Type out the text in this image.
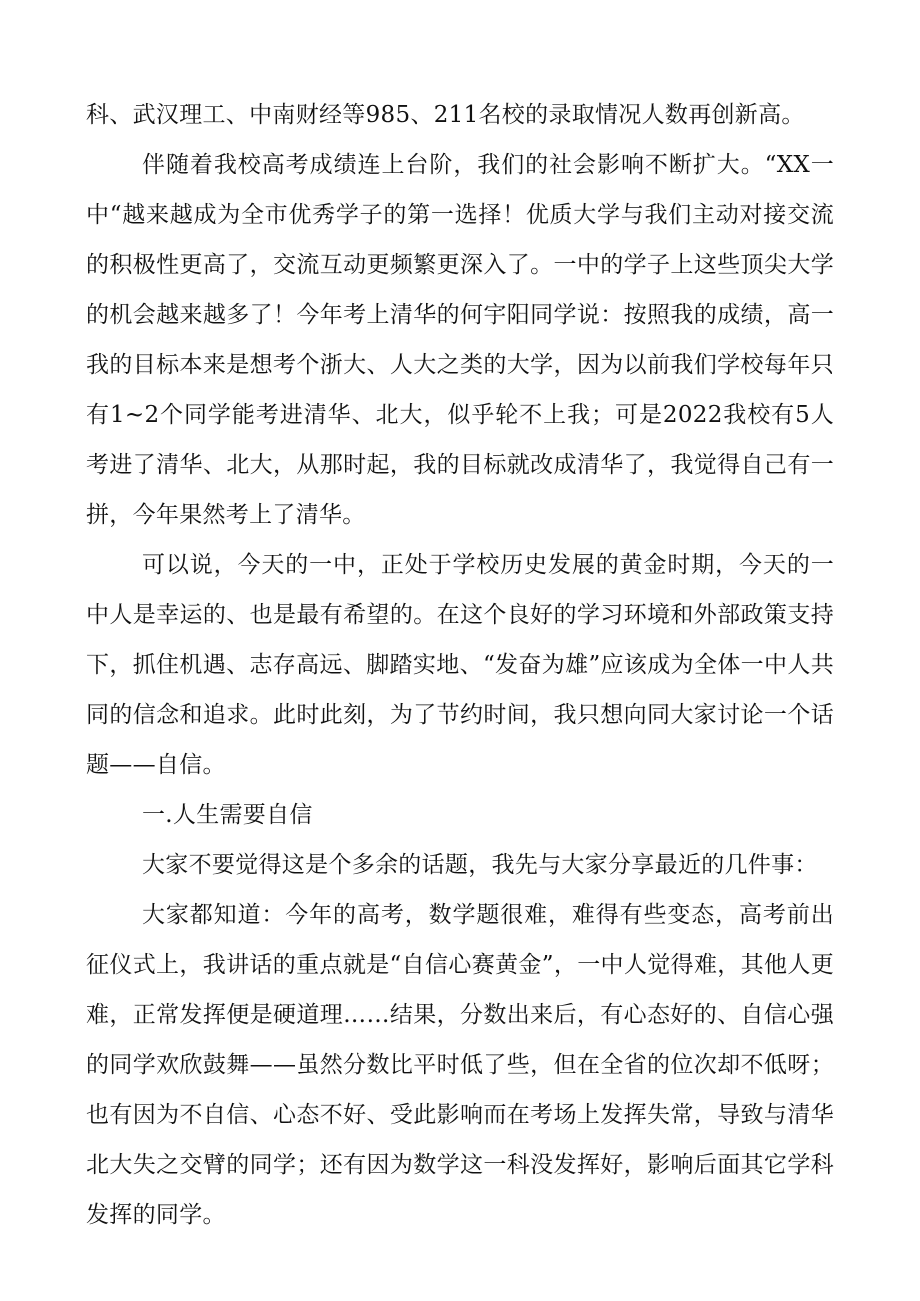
科、武汉理工、中南财经等985、211名校的录取情况人数再创新高。

伴随着我校高考成绩连上台阶，我们的社会影响不断扩大。“XX一中“越来越成为全市优秀学子的第一选择！优质大学与我们主动对接交流的积极性更高了，交流互动更频繁更深入了。一中的学子上这些顶尖大学的机会越来越多了！今年考上清华的何宇阳同学说：按照我的成绩，高一我的目标本来是想考个浙大、人大之类的大学，因为以前我们学校每年只有1~2个同学能考进清华、北大，似乎轮不上我；可是2022我校有5人考进了清华、北大，从那时起，我的目标就改成清华了，我觉得自己有一拼，今年果然考上了清华。

可以说，今天的一中，正处于学校历史发展的黄金时期，今天的一中人是幸运的、也是最有希望的。在这个良好的学习环境和外部政策支持下，抓住机遇、志存高远、脚踏实地、“发奋为雄”应该成为全体一中人共同的信念和追求。此时此刻，为了节约时间，我只想向同大家讨论一个话题——自信。

一.人生需要自信

大家不要觉得这是个多余的话题，我先与大家分享最近的几件事：

大家都知道：今年的高考，数学题很难，难得有些变态，高考前出征仪式上，我讲话的重点就是“自信心赛黄金”，一中人觉得难，其他人更难，正常发挥便是硬道理……结果，分数出来后，有心态好的、自信心强的同学欢欣鼓舞——虽然分数比平时低了些，但在全省的位次却不低呀；也有因为不自信、心态不好、受此影响而在考场上发挥失常，导致与清华北大失之交臂的同学；还有因为数学这一科没发挥好，影响后面其它学科发挥的同学。
